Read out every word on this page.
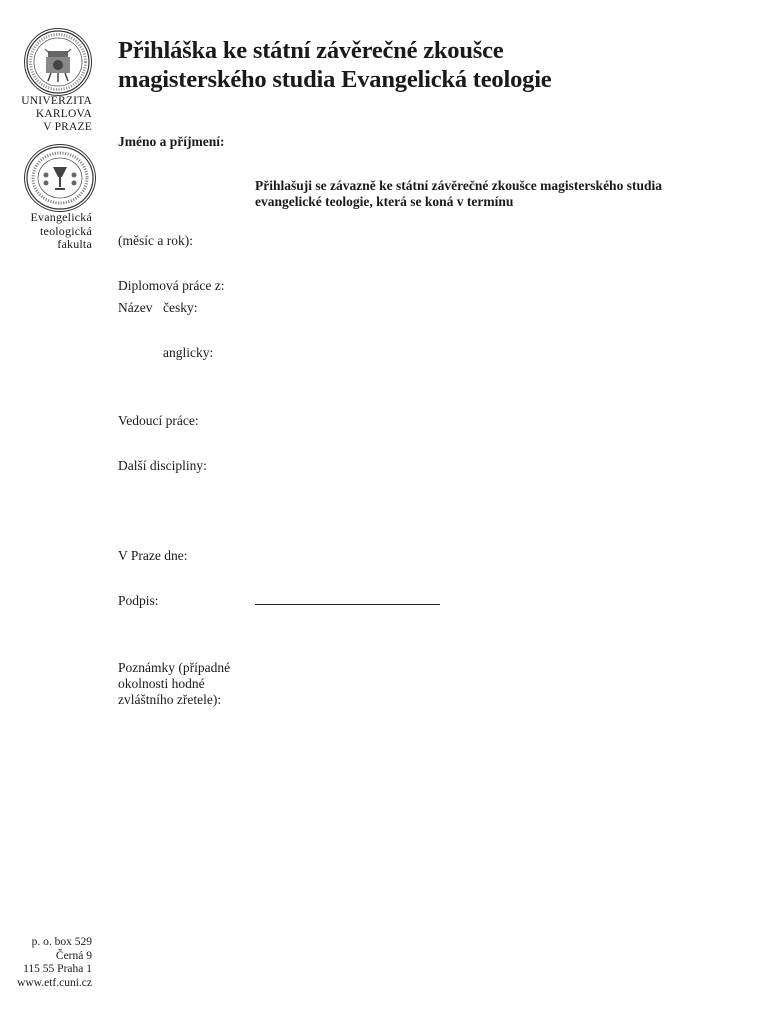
UNIVERZITA
KARLOVA
V PRAZE
Evangelická
teologická
fakulta
Přihláška ke státní závěrečné zkoušce
magisterského studia Evangelická teologie
Jméno a příjmení:
Přihlašuji se závazně ke státní závěrečné zkoušce magisterského studia
evangelické teologie, která se koná v termínu
(měsíc a rok):
Diplomová práce z:
Název česky:
anglicky:
Vedoucí práce:
Další discipliny:
V Praze dne:
Podpis:
Poznámky (případné
okolnosti hodné
zvláštního zřetele):
p. o. box 529
Černá 9
115 55 Praha 1
www.etf.cuni.cz
